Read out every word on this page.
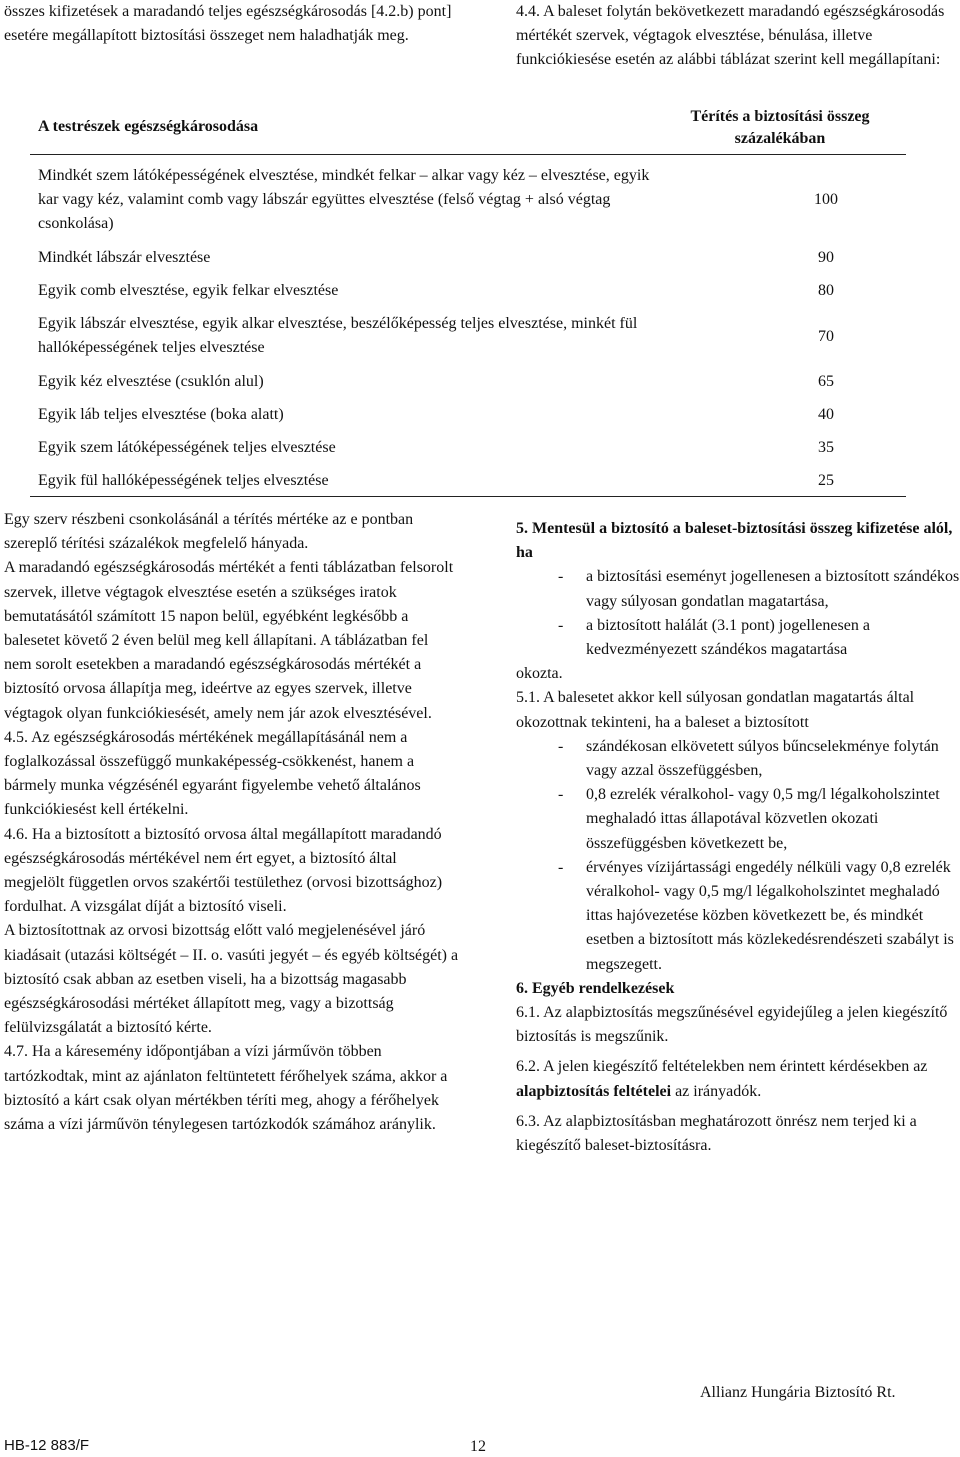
összes kifizetések a maradandó teljes egészségkárosodás [4.2.b) pont] esetére megállapított biztosítási összeget nem haladhatják meg.

4.4. A baleset folytán bekövetkezett maradandó egészségkárosodás mértékét szervek, végtagok elvesztése, bénulása, illetve funkciókiesése esetén az alábbi táblázat szerint kell megállapítani:

A testrészek egészségkárosodása
Térítés a biztosítási összeg százalékában
Mindkét szem látóképességének elvesztése, mindkét felkar – alkar vagy kéz – elvesztése, egyik kar vagy kéz, valamint comb vagy lábszár együttes elvesztése (felső végtag + alsó végtag csonkolása)
100
Mindkét lábszár elvesztése	90
Egyik comb elvesztése, egyik felkar elvesztése	80
Egyik lábszár elvesztése, egyik alkar elvesztése, beszélőképesség teljes elvesztése, minkét fül hallóképességének teljes elvesztése
70
Egyik kéz elvesztése (csuklón alul)	65
Egyik láb teljes elvesztése (boka alatt)	40
Egyik szem látóképességének teljes elvesztése	35
Egyik fül hallóképességének teljes elvesztése	25

Egy szerv részbeni csonkolásánál a térítés mértéke az e pontban szereplő térítési százalékok megfelelő hányada.

A maradandó egészségkárosodás mértékét a fenti táblázatban felsorolt szervek, illetve végtagok elvesztése esetén a szükséges iratok bemutatásától számított 15 napon belül, egyébként legkésőbb a balesetet követő 2 éven belül meg kell állapítani. A táblázatban fel nem sorolt esetekben a maradandó egészségkárosodás mértékét a biztosító orvosa állapítja meg, ideértve az egyes szervek, illetve végtagok olyan funkciókiesését, amely nem jár azok elvesztésével.

4.5. Az egészségkárosodás mértékének megállapításánál nem a foglalkozással összefüggő munkaképesség-csökkenést, hanem a bármely munka végzésénél egyaránt figyelembe vehető általános funkciókiesést kell értékelni.

4.6. Ha a biztosított a biztosító orvosa által megállapított maradandó egészségkárosodás mértékével nem ért egyet, a biztosító által megjelölt független orvos szakértői testülethez (orvosi bizottsághoz) fordulhat. A vizsgálat díját a biztosító viseli.

A biztosítottnak az orvosi bizottság előtt való megjelenésével járó kiadásait (utazási költségét – II. o. vasúti jegyét – és egyéb költségét) a biztosító csak abban az esetben viseli, ha a bizottság magasabb egészségkárosodási mértéket állapított meg, vagy a bizottság felülvizsgálatát a biztosító kérte.

4.7. Ha a káresemény időpontjában a vízi járművön többen tartózkodtak, mint az ajánlaton feltüntetett férőhelyek száma, akkor a biztosító a kárt csak olyan mértékben téríti meg, ahogy a férőhelyek száma a vízi járművön ténylegesen tartózkodók számához aránylik.

5. Mentesül a biztosító a baleset-biztosítási összeg kifizetése alól, ha

- a biztosítási eseményt jogellenesen a biztosított szándékos vagy súlyosan gondatlan magatartása,
- a biztosított halálát (3.1 pont) jogellenesen a kedvezményezett szándékos magatartása

okozta.

5.1. A balesetet akkor kell súlyosan gondatlan magatartás által okozottnak tekinteni, ha a baleset a biztosított

- szándékosan elkövetett súlyos bűncselekménye folytán vagy azzal összefüggésben,
- 0,8 ezrelék véralkohol- vagy 0,5 mg/l légalkoholszintet meghaladó ittas állapotával közvetlen okozati összefüggésben következett be,
- érvényes vízijártassági engedély nélküli vagy 0,8 ezrelék véralkohol- vagy 0,5 mg/l légalkoholszintet meghaladó ittas hajóvezetése közben következett be, és mindkét esetben a biztosított más közlekedésrendészeti szabályt is megszegett.

6. Egyéb rendelkezések

6.1. Az alapbiztosítás megszűnésével egyidejűleg a jelen kiegészítő biztosítás is megszűnik.

6.2. A jelen kiegészítő feltételekben nem érintett kérdésekben az alapbiztosítás feltételei az irányadók.

6.3. Az alapbiztosításban meghatározott önrész nem terjed ki a kiegészítő baleset-biztosításra.

Allianz Hungária Biztosító Rt.
HB-12 883/F	12
